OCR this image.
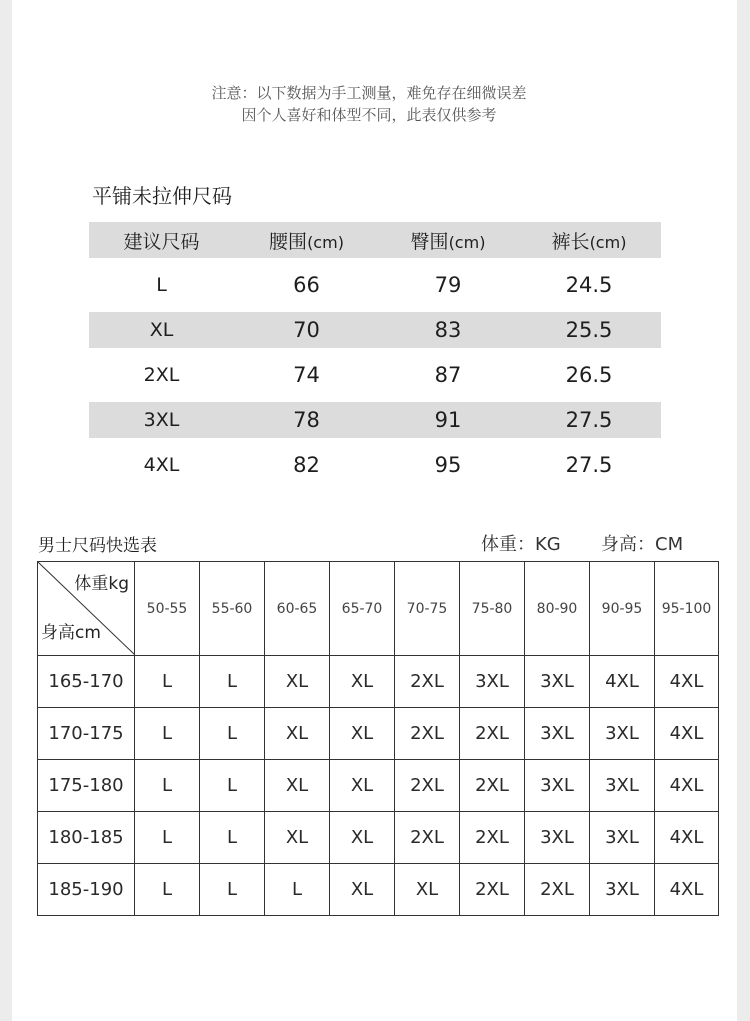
注意：以下数据为手工测量，难免存在细微误差
因个人喜好和体型不同，此表仅供参考
平铺未拉伸尺码
建议尺码	腰围(cm)	臀围(cm)	裤长(cm)
L	66	79	24.5
XL	70	83	25.5
2XL	74	87	26.5
3XL	78	91	27.5
4XL	82	95	27.5
男士尺码快选表	体重：KG 身高：CM
体重kg
身高cm	50-55	55-60	60-65	65-70	70-75	75-80	80-90	90-95	95-100
165-170	L	L	XL	XL	2XL	3XL	3XL	4XL	4XL
170-175	L	L	XL	XL	2XL	2XL	3XL	3XL	4XL
175-180	L	L	XL	XL	2XL	2XL	3XL	3XL	4XL
180-185	L	L	XL	XL	2XL	2XL	3XL	3XL	4XL
185-190	L	L	L	XL	XL	2XL	2XL	3XL	4XL
